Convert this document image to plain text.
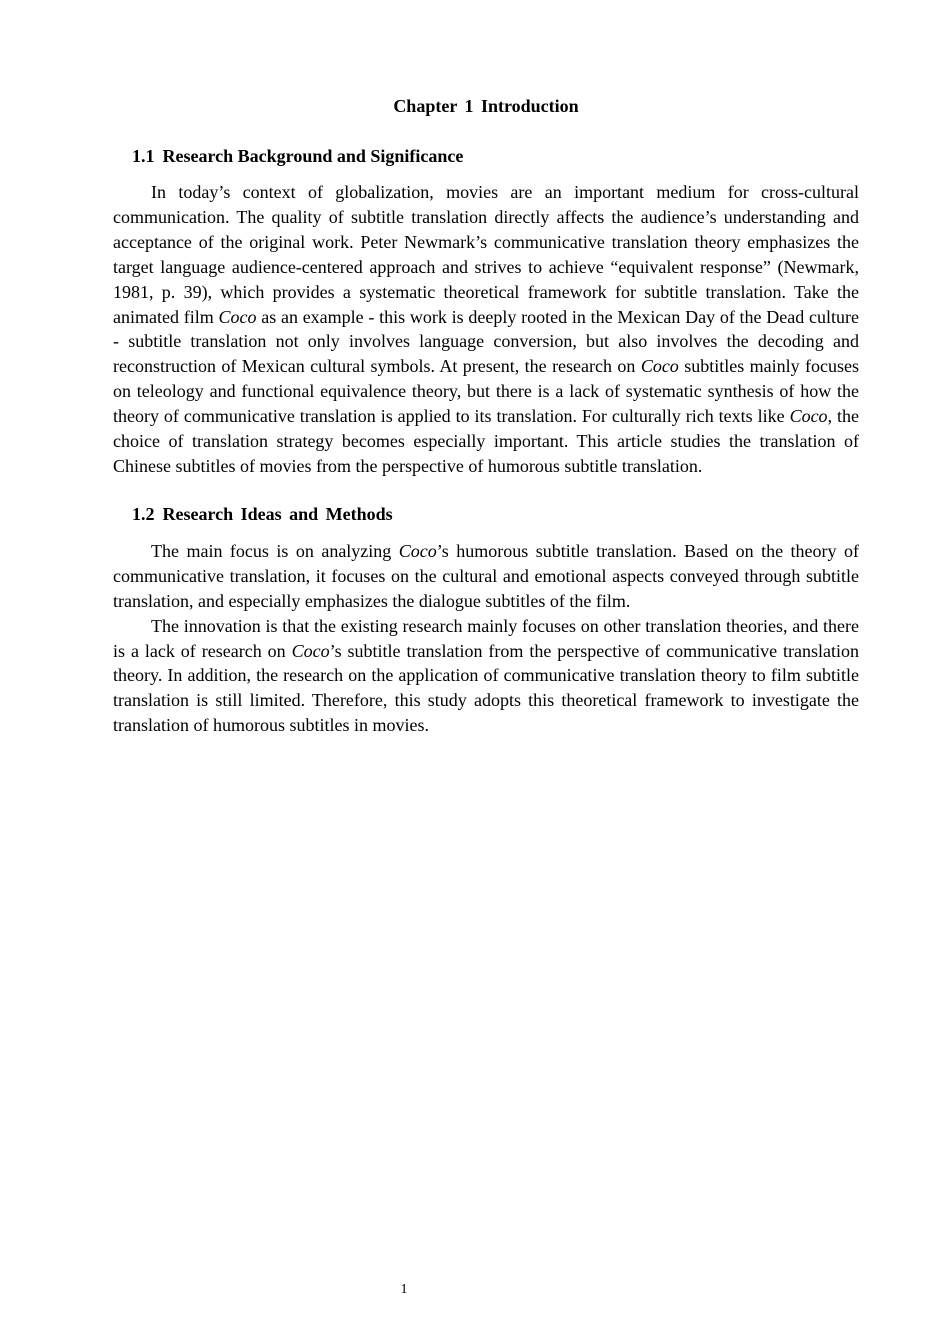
Chapter 1 Introduction
1.1 Research Background and Significance

In today’s context of globalization, movies are an important medium for cross-cultural communication. The quality of subtitle translation directly affects the audience’s understanding and acceptance of the original work. Peter Newmark’s communicative translation theory emphasizes the target language audience-centered approach and strives to achieve “equivalent response” (Newmark, 1981, p. 39), which provides a systematic theoretical framework for subtitle translation. Take the animated film Coco as an example - this work is deeply rooted in the Mexican Day of the Dead culture - subtitle translation not only involves language conversion, but also involves the decoding and reconstruction of Mexican cultural symbols. At present, the research on Coco subtitles mainly focuses on teleology and functional equivalence theory, but there is a lack of systematic synthesis of how the theory of communicative translation is applied to its translation. For culturally rich texts like Coco, the choice of translation strategy becomes especially important. This article studies the translation of Chinese subtitles of movies from the perspective of humorous subtitle translation.

1.2 Research Ideas and Methods

The main focus is on analyzing Coco’s humorous subtitle translation. Based on the theory of communicative translation, it focuses on the cultural and emotional aspects conveyed through subtitle translation, and especially emphasizes the dialogue subtitles of the film.

The innovation is that the existing research mainly focuses on other translation theories, and there is a lack of research on Coco’s subtitle translation from the perspective of communicative translation theory. In addition, the research on the application of communicative translation theory to film subtitle translation is still limited. Therefore, this study adopts this theoretical framework to investigate the translation of humorous subtitles in movies.

1
